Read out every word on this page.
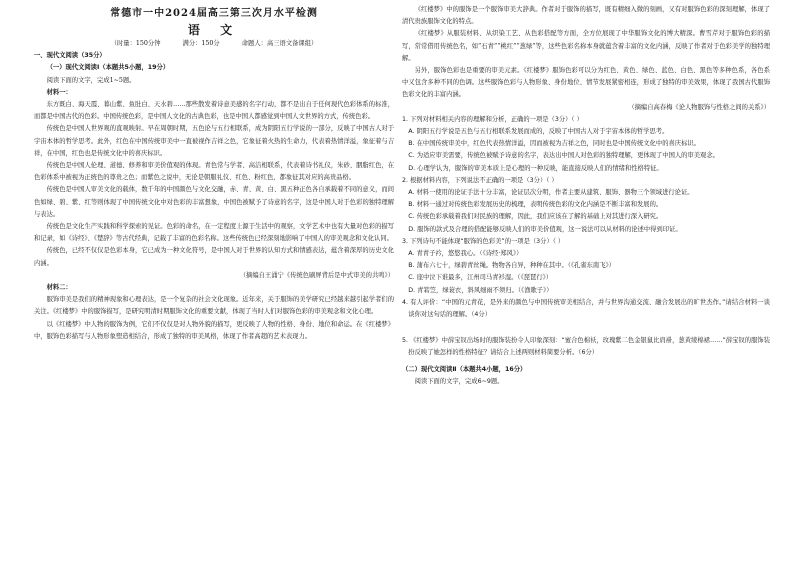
常德市一中2024届高三第三次月水平检测
语 文
（时量：150分钟	满分：150分	命题人：高三语文备课组）

一、现代文阅读（35分）

（一）现代文阅读Ⅰ（本题共5小题，19分）

阅读下面的文字，完成1~5题。

材料一：

东方既白、海天霞、暮山紫、鱼肚白、天水碧……那些散发着诗意美感的名字行动，都不是出自于任何现代色彩体系的标准，而都是中国古代的色彩。中国传统色彩，是中国人文化的古典色彩，也是中国人都感觉到中国人文世界的方式，传统色彩。

传统色是中国人世界观的直观映射。早在周朝时期，五色论与五行相联系，成为阴阳五行学说的一部分，反映了中国古人对于宇宙本体的哲学思考。此外，红色在中国传统审美中一直被视作吉祥之色，它象征着火热的生命力，代表着热情洋溢，象征着与吉祥，在中国，红色也是传统文化中的喜庆标识。

传统色是中国人伦理、道德、修养和审美价值观的体现。青色常与学者、高洁相联系，代表着诗书礼仪，朱砂、胭脂红色，在色彩体系中被视为正统色的尊贵之色；而紫色之说中，无论是朝服礼仪、红色、粉红色，都象征其对应的高贵品格。

传统色是中国人审美文化的载体，数千年的中国颜色与文化交融，赤、青、黄、白、黑五种正色各自承载着不同的意义，而间色如绿、碧、紫、红等则体现了中国传统文化中对色彩的丰富想象，中国色被赋予了诗意的名字，这是中国人对于色彩的独特理解与表达。

传统色是文化生产实践和科学探索的见证。色彩的命名，在一定程度上源于生活中的观察，文学艺术中也有大量对色彩的描写和记录，如《诗经》、《楚辞》等古代经典，记载了丰富的色彩名称。这些传统色已经深刻地影响了中国人的审美观念和文化认同。

传统色，已经不仅仅是色彩本身，它已成为一种文化符号，是中国人对于世界的认知方式和情感表达，蕴含着深厚的历史文化内涵。

（摘编自王涌宁《传统色刷屏背后是中式审美的共鸣》）

材料二：

服饰审美是我们的精神现象和心理表达，是一个复杂的社会文化现象。近年来，关于服饰的美学研究已经越来越引起学者们的关注。《红楼梦》中的服饰描写，是研究明清时期服饰文化的重要文献，体现了当时人们对服饰色彩的审美观念和文化心理。

以《红楼梦》中人物的服饰为例，它们不仅仅是对人物外貌的描写，更反映了人物的性格、身份、地位和命运。在《红楼梦》中，服饰色彩描写与人物形象塑造相结合，形成了独特的审美风格，体现了作者高超的艺术表现力。

《红楼梦》中的服饰是一个服饰审美大辞典。作者对于服饰的描写，既有精细入微的刻画，又有对服饰色彩的深刻理解，体现了清代贵族服饰文化的特点。

《红楼梦》从服装材料、从织染工艺、从色彩搭配等方面，全方位展现了中华服饰文化的博大精深。曹雪芹对于服饰色彩的描写，常常借用传统色名，如“石青”“桃红”“葱绿”等，这些色彩名称本身就蕴含着丰富的文化内涵，反映了作者对于色彩美学的独特理解。

另外，服饰色彩也是重要的审美元素。《红楼梦》服饰色彩可以分为红色、黄色、绿色、蓝色、白色、黑色等多种色系，各色系中又包含多种不同的色调。这些服饰色彩与人物形象、身份地位、情节发展紧密相连，形成了独特的审美效果，体现了我国古代服饰色彩文化的丰富内涵。

（摘编自高春梅《论人物服饰与性格之间的关系》）

1. 下列对材料相关内容的理解和分析，正确的一项是（3分）（ ）

A. 阴阳五行学说是五色与五行相联系发展而成的，反映了中国古人对于宇宙本体的哲学思考。

B. 在中国传统审美中，红色代表热情洋溢，因而被视为吉祥之色，同时也是中国传统文化中的喜庆标识。

C. 为适应审美需要，传统色被赋予诗意的名字，表达出中国人对色彩的独特理解，更体现了中国人的审美观念。

D. 心理学认为，服饰的审美本质上是心理的一种反映，能直接反映人们的情绪和性格特征。

2. 根据材料内容，下列说法不正确的一项是（3分）（ ）

A. 材料一使用的论证手法十分丰富，论证层次分明，作者主要从建筑、服饰、器物三个领域进行论证。

B. 材料一通过对传统色彩发展历史的梳理，表明传统色彩的文化内涵是不断丰富和发展的。

C. 传统色彩承载着我们对民族的理解，因此，我们应该在了解的基础上对其进行深入研究。

D. 服饰的款式及合理的搭配能够反映人们的审美价值观，这一说法可以从材料的论述中得到印证。

3. 下列诗句不能体现“服饰的色彩美”的一项是（3分）（ ）

A. 青青子衿，悠悠我心。（《诗经·郑风》）

B. 蒲布六七十，绿碧青丝绳。物物各自异，种种在其中。（《孔雀东南飞》）

C. 座中泣下谁最多，江州司马青衫湿。（《琵琶行》）

D. 青箬笠，绿蓑衣，斜风细雨不须归。（《渔歌子》）

4. 有人评价：“中国的元青花，是外来的颜色与中国传统审美相结合，并与世界沟通交流、融合发展出的旷世杰作。”请结合材料一谈谈你对这句话的理解。（4分）

5. 《红楼梦》中薛宝钗出场时的服饰装扮令人印象深刻：“蜜合色棉袄，玫瑰紫二色金银鼠比肩褂，葱黄绫棉裙……”薛宝钗的服饰装扮反映了她怎样的性格特征？请结合上述两则材料简要分析。（6分）

（二）现代文阅读Ⅱ（本题共4小题，16分）

阅读下面的文字，完成6~9题。
